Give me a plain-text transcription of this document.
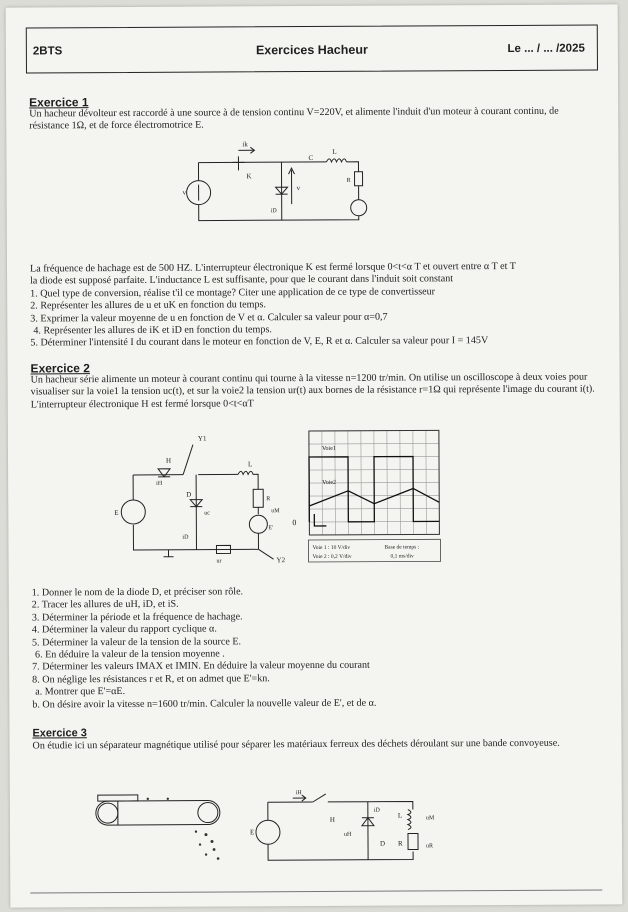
2BTS	Exercices Hacheur	Le ... / ... /2025
Exercice 1
Un hacheur dévolteur est raccordé à une source à de tension continu V=220V, et alimente l'induit d'un moteur à courant continu, de résistance 1Ω, et de force électromotrice E.
ik
K
C
L
R
v
v
iD
La fréquence de hachage est de 500 HZ. L'interrupteur électronique K est fermé lorsque 0<t<α T et ouvert entre α T et T
la diode est supposé parfaite. L'inductance L est suffisante, pour que le courant dans l'induit soit constant
1. Quel type de conversion, réalise t'il ce montage? Citer une application de ce type de convertisseur
2. Représenter les allures de u et uK en fonction du temps.
3. Exprimer la valeur moyenne de u en fonction de V et α. Calculer sa valeur pour α=0,7
4. Représenter les allures de iK et iD en fonction du temps.
5. Déterminer l'intensité I du courant dans le moteur en fonction de V, E, R et α. Calculer sa valeur pour I = 145V
Exercice 2
Un hacheur série alimente un moteur à courant continu qui tourne à la vitesse n=1200 tr/min. On utilise un oscilloscope à deux voies pour visualiser sur la voie1 la tension uc(t), et sur la voie2 la tension ur(t) aux bornes de la résistance r=1Ω qui représente l'image du courant i(t). L'interrupteur électronique H est fermé lorsque 0<t<αT
H	L
E
D
Y1
Y2
R
E'
uc	uM
iH
iD
ur
Voie1
Voie2
0
Voie 1 : 10 V/div
Voie 2 : 0,2 V/div
Base de temps :
0,1 ms/div
1. Donner le nom de la diode D, et préciser son rôle.
2. Tracer les allures de uH, iD, et iS.
3. Déterminer la période et la fréquence de hachage.
4. Déterminer la valeur du rapport cyclique α.
5. Déterminer la valeur de la tension de la source E.
6. En déduire la valeur de la tension moyenne .
7. Déterminer les valeurs IMAX et IMIN. En déduire la valeur moyenne du courant
8. On néglige les résistances r et R, et on admet que E'=kn.
a. Montrer que E'=αE.
b. On désire avoir la vitesse n=1600 tr/min. Calculer la nouvelle valeur de E', et de α.
Exercice 3
On étudie ici un séparateur magnétique utilisé pour séparer les matériaux ferreux des déchets déroulant sur une bande convoyeuse.
iH
H
E
iD
D
L
R
uM
uR
uH
